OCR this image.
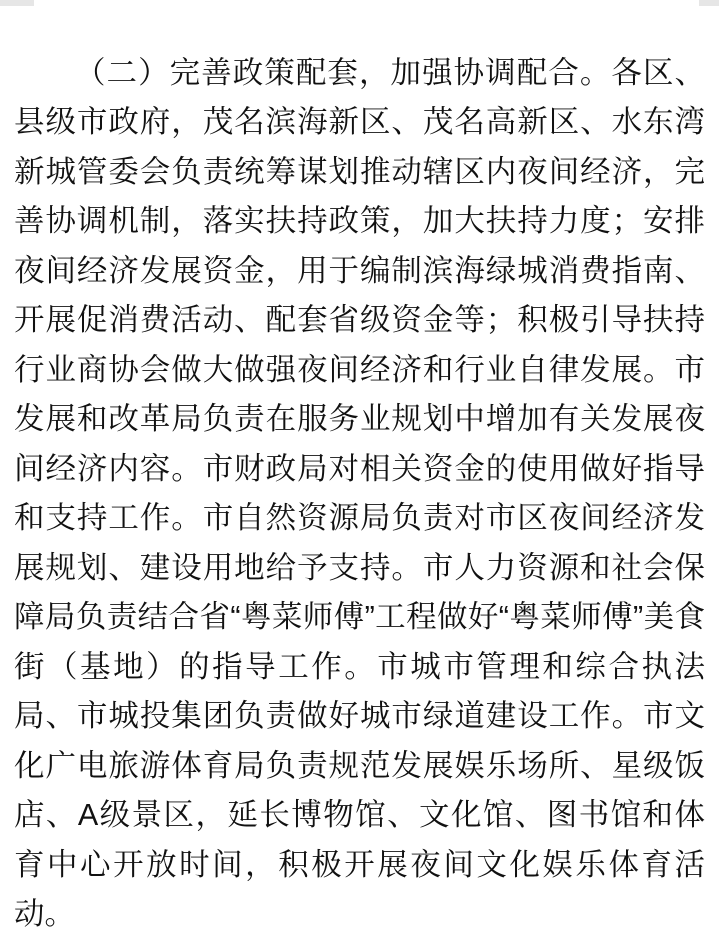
（二）完善政策配套，加强协调配合。各区、县级市政府，茂名滨海新区、茂名高新区、水东湾新城管委会负责统筹谋划推动辖区内夜间经济，完善协调机制，落实扶持政策，加大扶持力度；安排夜间经济发展资金，用于编制滨海绿城消费指南、开展促消费活动、配套省级资金等；积极引导扶持行业商协会做大做强夜间经济和行业自律发展。市发展和改革局负责在服务业规划中增加有关发展夜间经济内容。市财政局对相关资金的使用做好指导和支持工作。市自然资源局负责对市区夜间经济发展规划、建设用地给予支持。市人力资源和社会保障局负责结合省“粤菜师傅”工程做好“粤菜师傅”美食街（基地）的指导工作。市城市管理和综合执法局、市城投集团负责做好城市绿道建设工作。市文化广电旅游体育局负责规范发展娱乐场所、星级饭店、A级景区，延长博物馆、文化馆、图书馆和体育中心开放时间，积极开展夜间文化娱乐体育活动。
